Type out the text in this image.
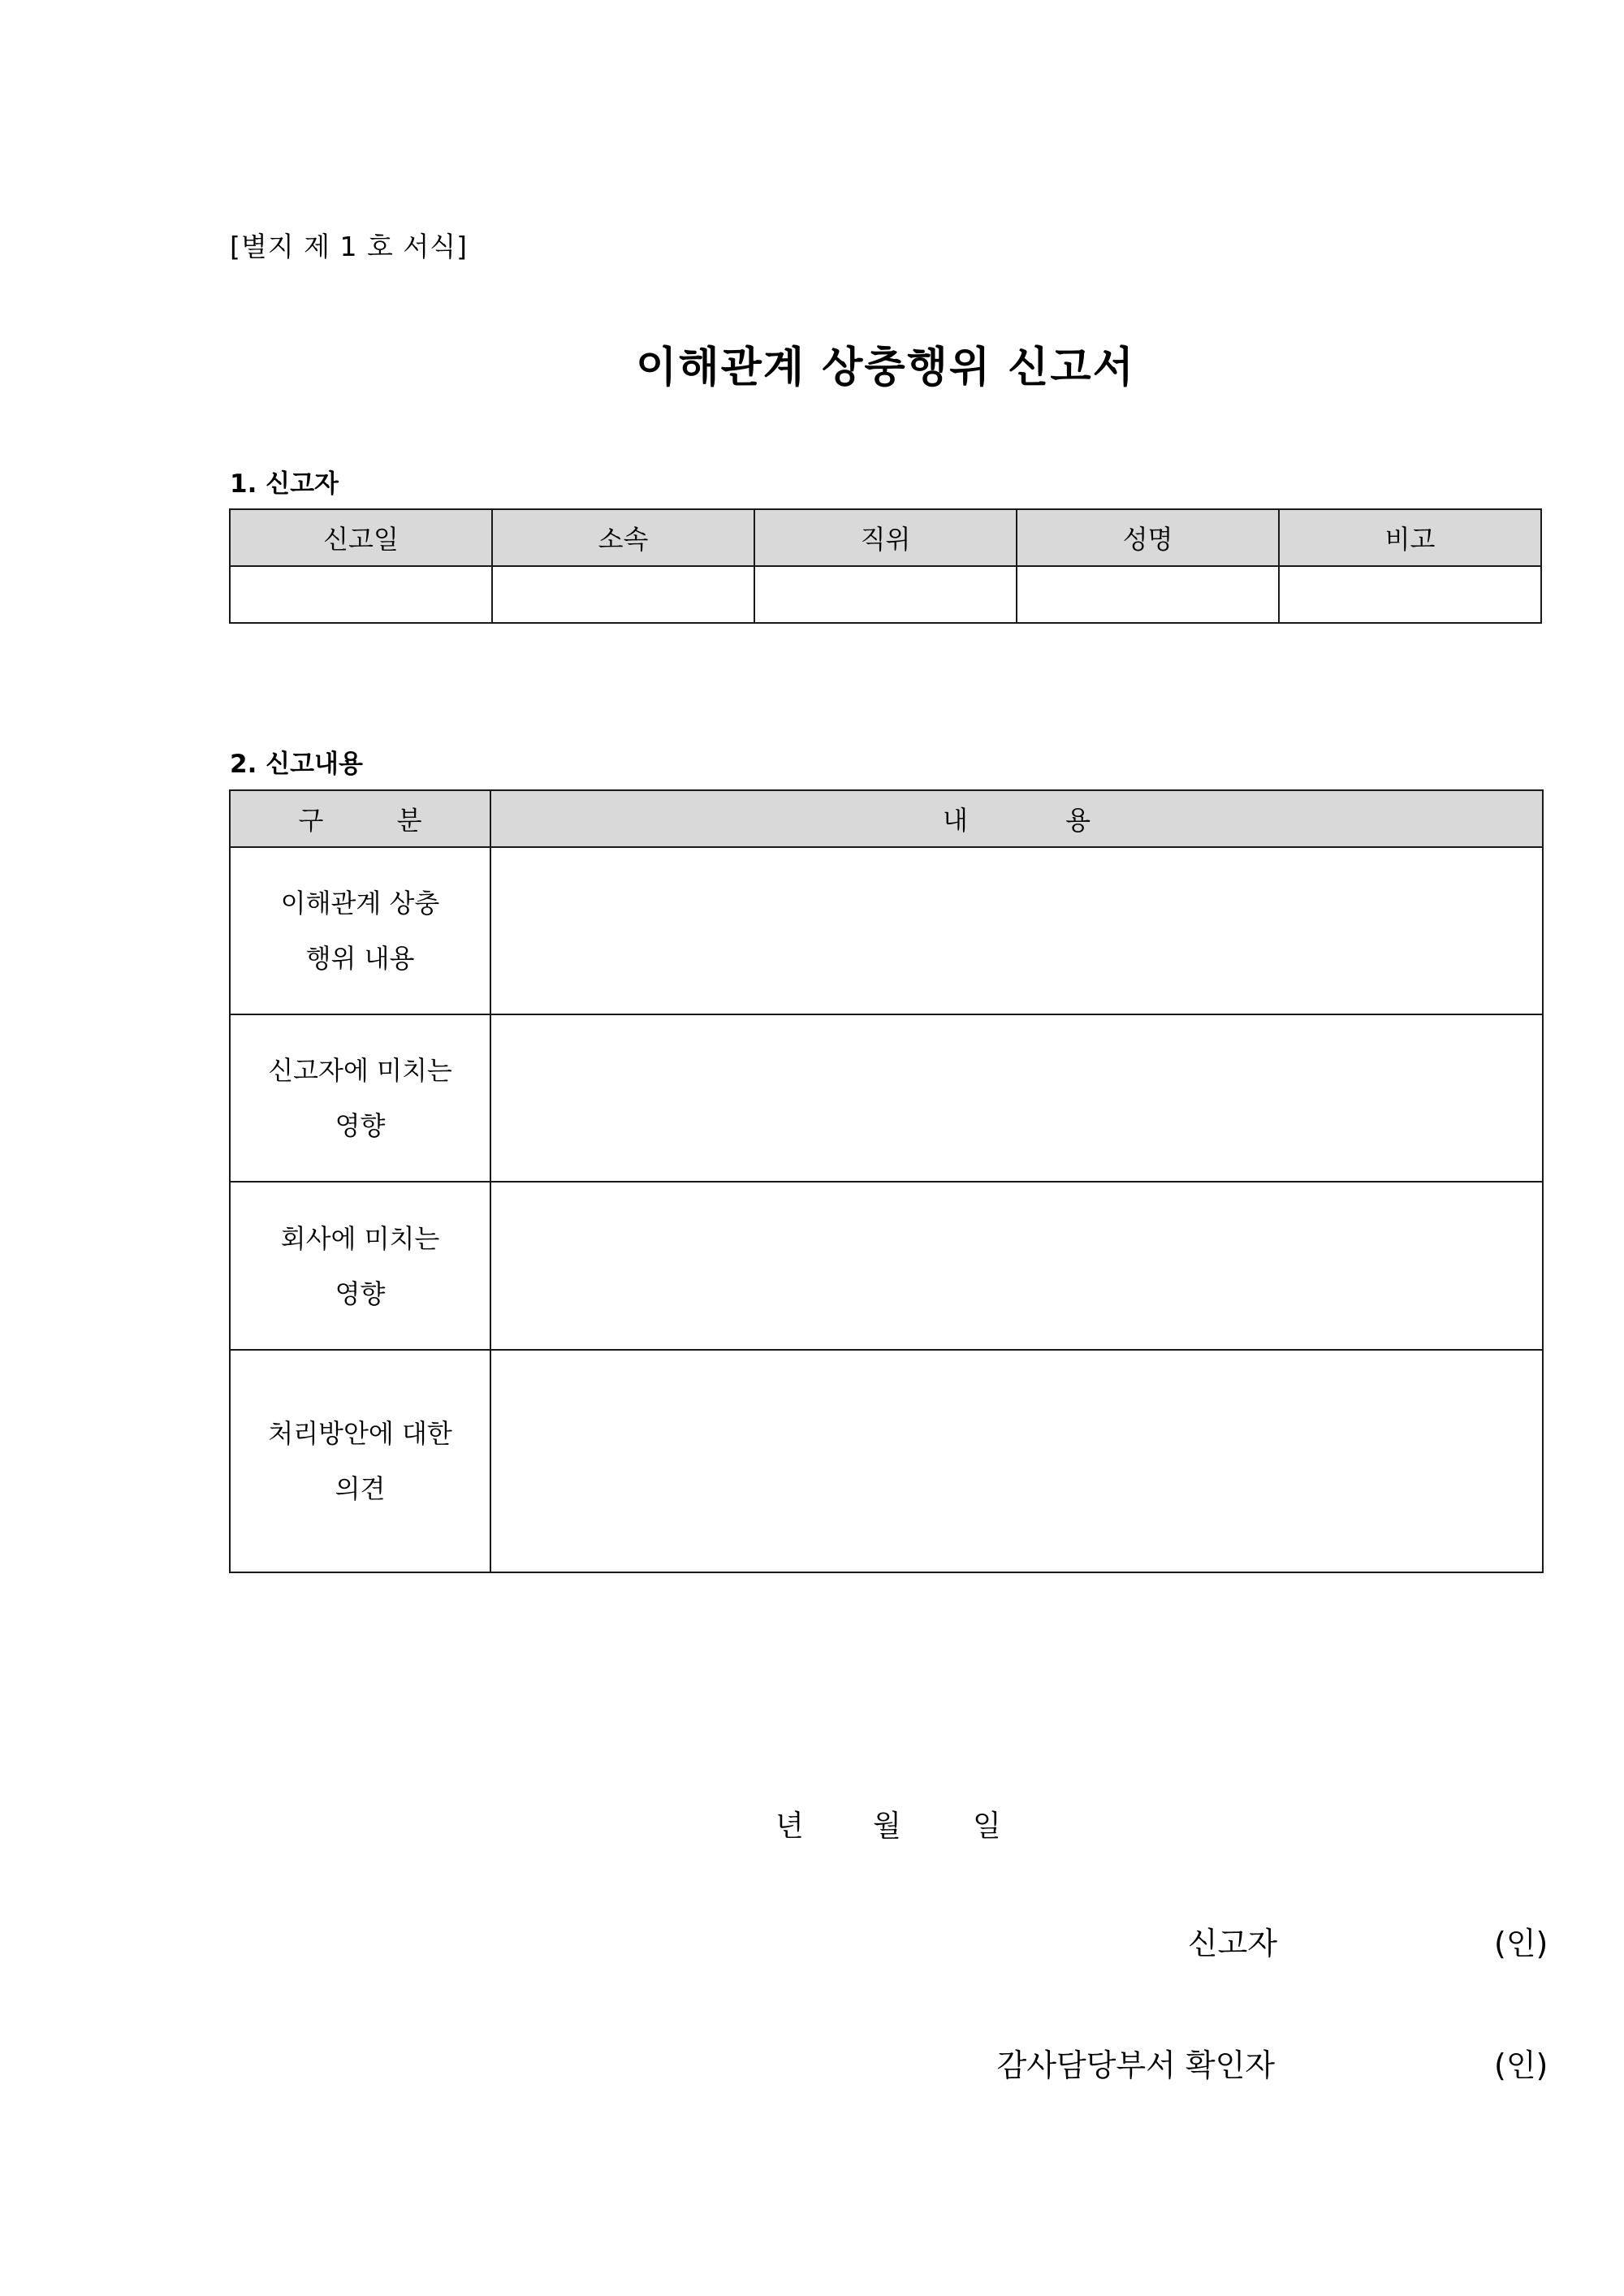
[별지 제 1 호 서식]
이해관계 상충행위 신고서
1. 신고자
신고일	소속	직위	성명	비고

2. 신고내용
구 분	내 용

이해관계 상충
행위 내용	

신고자에 미치는
영향	

회사에 미치는
영향	

처리방안에 대한
의견	

년 월 일
신고자	(인)
감사담당부서 확인자	(인)
